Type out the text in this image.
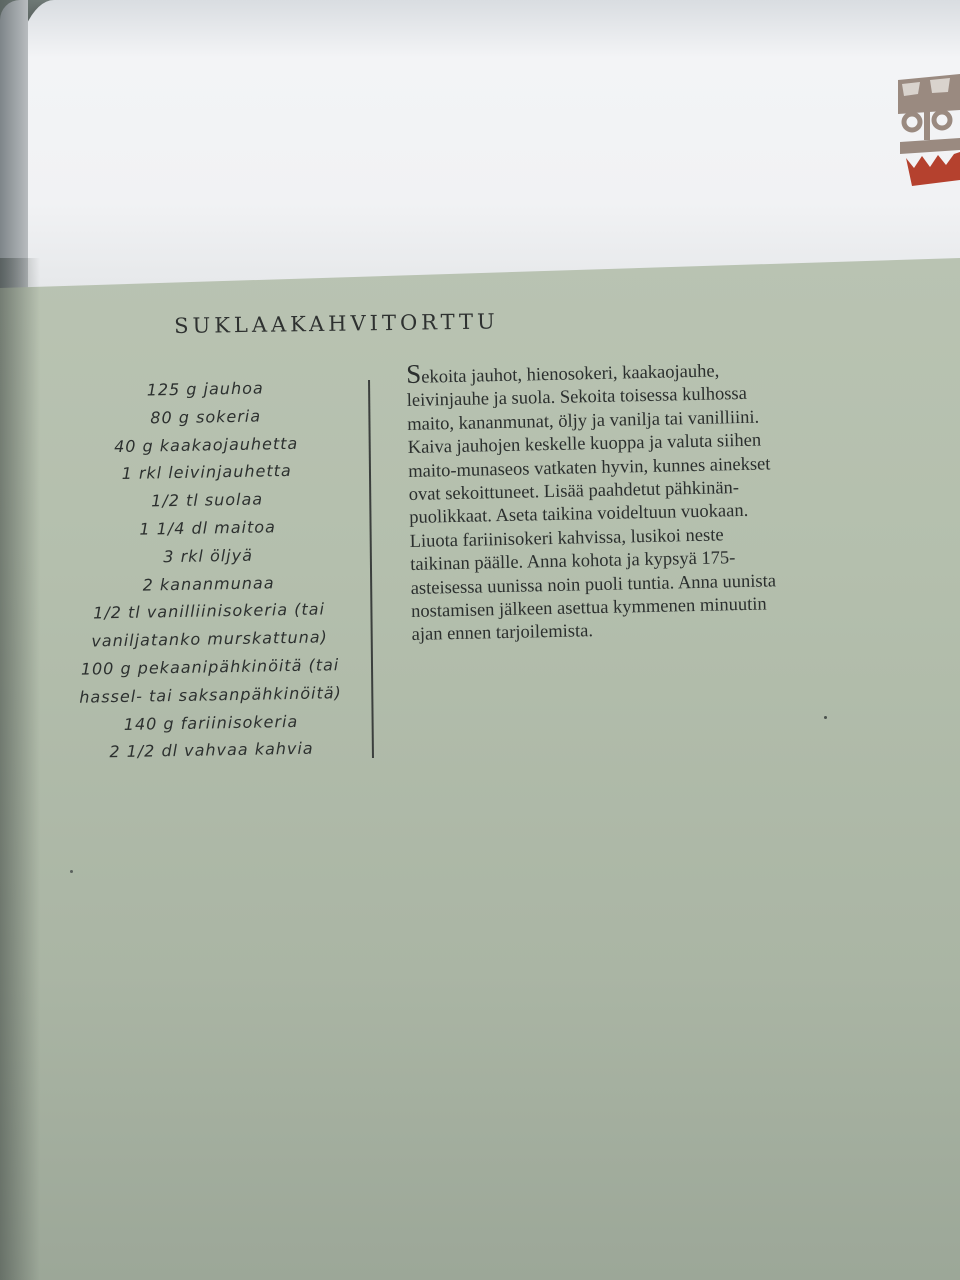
SUKLAAKAHVITORTTU
125 g jauhoa
80 g sokeria
40 g kaakaojauhetta
1 rkl leivinjauhetta
1/2 tl suolaa
1 1/4 dl maitoa
3 rkl öljyä
2 kananmunaa
1/2 tl vanilliinisokeria (tai
vaniljatanko murskattuna)
100 g pekaanipähkinöitä (tai
hassel- tai saksanpähkinöitä)
140 g fariinisokeria
2 1/2 dl vahvaa kahvia

Sekoita jauhot, hienosokeri, kaakaojauhe,
leivinjauhe ja suola. Sekoita toisessa kulhossa
maito, kananmunat, öljy ja vanilja tai vanilliini.
Kaiva jauhojen keskelle kuoppa ja valuta siihen
maito-munaseos vatkaten hyvin, kunnes ainekset
ovat sekoittuneet. Lisää paahdetut pähkinän-
puolikkaat. Aseta taikina voideltuun vuokaan.
Liuota fariinisokeri kahvissa, lusikoi neste
taikinan päälle. Anna kohota ja kypsyä 175-
asteisessa uunissa noin puoli tuntia. Anna uunista
nostamisen jälkeen asettua kymmenen minuutin
ajan ennen tarjoilemista.
